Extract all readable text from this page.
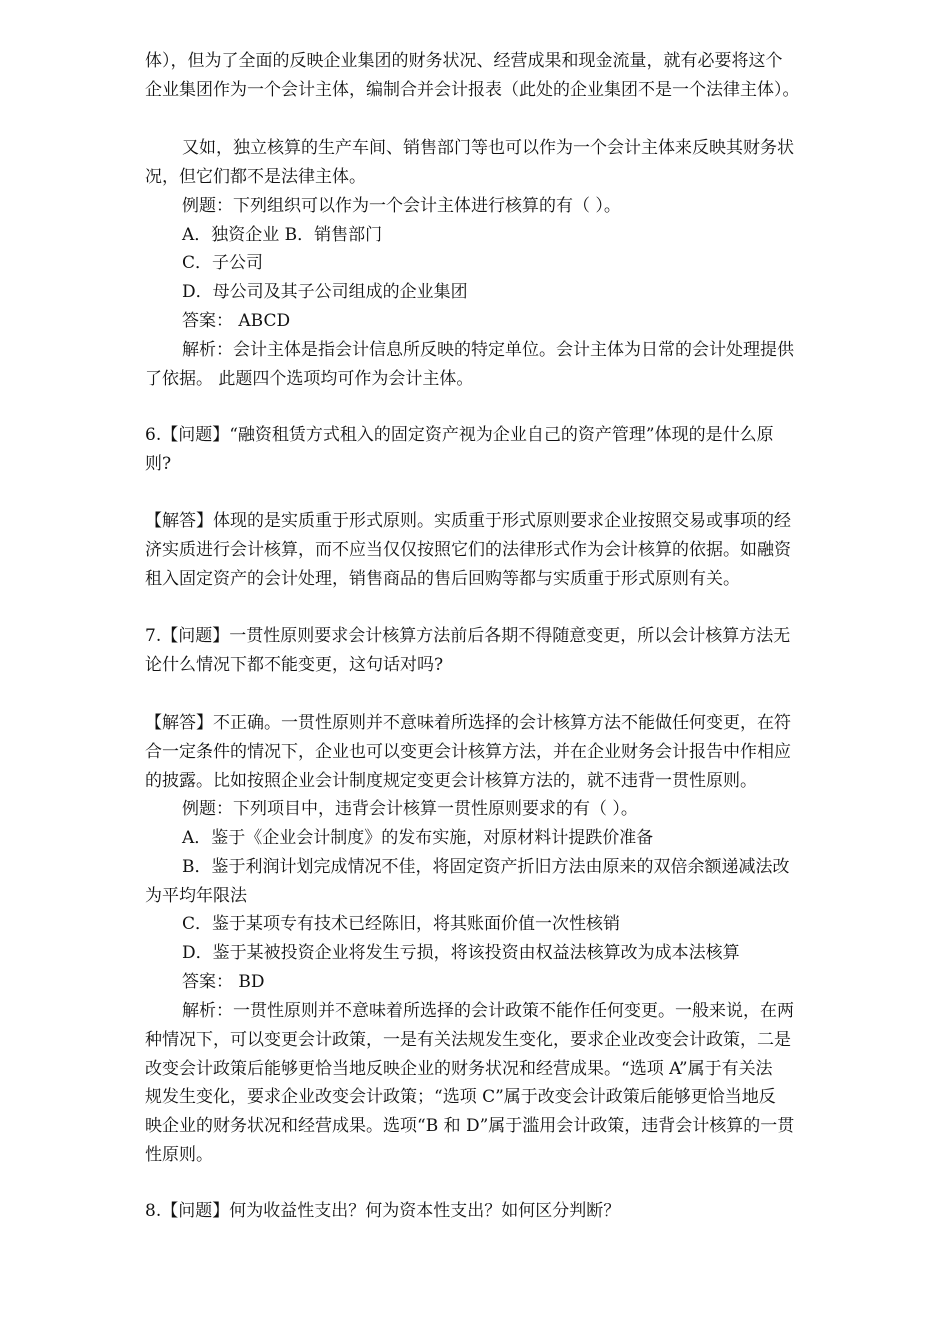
体），但为了全面的反映企业集团的财务状况、经营成果和现金流量，就有必要将这个
企业集团作为一个会计主体，编制合并会计报表（此处的企业集团不是一个法律主体）。
又如，独立核算的生产车间、销售部门等也可以作为一个会计主体来反映其财务状
况，但它们都不是法律主体。
例题：下列组织可以作为一个会计主体进行核算的有（ ）。
A．独资企业 B．销售部门
C．子公司
D．母公司及其子公司组成的企业集团
答案： ABCD
解析：会计主体是指会计信息所反映的特定单位。会计主体为日常的会计处理提供
了依据。 此题四个选项均可作为会计主体。
6.【问题】“融资租赁方式租入的固定资产视为企业自己的资产管理”体现的是什么原
则?
【解答】体现的是实质重于形式原则。实质重于形式原则要求企业按照交易或事项的经
济实质进行会计核算，而不应当仅仅按照它们的法律形式作为会计核算的依据。如融资
租入固定资产的会计处理，销售商品的售后回购等都与实质重于形式原则有关。
7.【问题】一贯性原则要求会计核算方法前后各期不得随意变更，所以会计核算方法无
论什么情况下都不能变更，这句话对吗?
【解答】不正确。一贯性原则并不意味着所选择的会计核算方法不能做任何变更，在符
合一定条件的情况下，企业也可以变更会计核算方法，并在企业财务会计报告中作相应
的披露。比如按照企业会计制度规定变更会计核算方法的，就不违背一贯性原则。
例题：下列项目中，违背会计核算一贯性原则要求的有（ ）。
A．鉴于《企业会计制度》的发布实施，对原材料计提跌价准备
B．鉴于利润计划完成情况不佳，将固定资产折旧方法由原来的双倍余额递减法改
为平均年限法
C．鉴于某项专有技术已经陈旧，将其账面价值一次性核销
D．鉴于某被投资企业将发生亏损，将该投资由权益法核算改为成本法核算
答案： BD
解析：一贯性原则并不意味着所选择的会计政策不能作任何变更。一般来说，在两
种情况下，可以变更会计政策，一是有关法规发生变化，要求企业改变会计政策，二是
改变会计政策后能够更恰当地反映企业的财务状况和经营成果。“选项 A”属于有关法
规发生变化，要求企业改变会计政策；“选项 C”属于改变会计政策后能够更恰当地反
映企业的财务状况和经营成果。选项“B 和 D”属于滥用会计政策，违背会计核算的一贯
性原则。
8.【问题】何为收益性支出？何为资本性支出？如何区分判断？
